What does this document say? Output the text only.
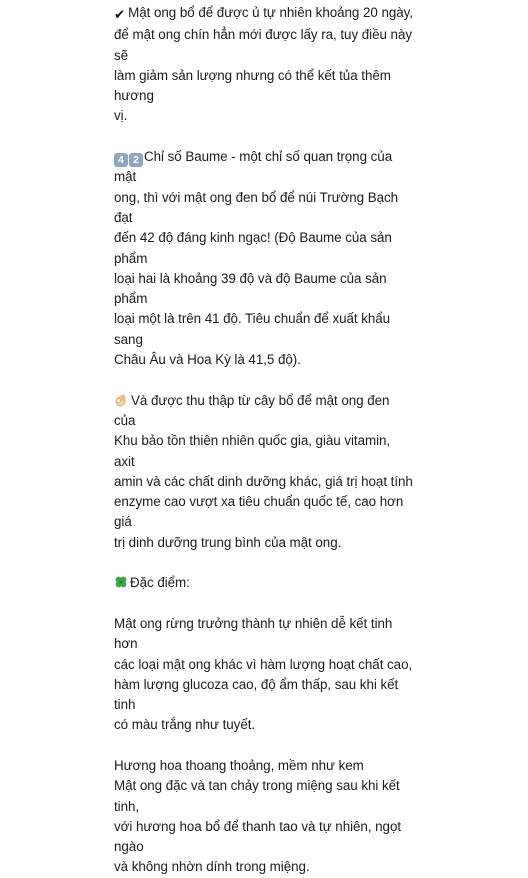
✔ Mật ong bổ để được ủ tự nhiên khoảng 20 ngày,
để mật ong chín hẳn mới được lấy ra, tuy điều này sẽ
làm giảm sản lượng nhưng có thể kết tủa thêm hương
vị.

4 2 Chỉ số Baume - một chỉ số quan trọng của mật
ong, thì với mật ong đen bổ để núi Trường Bạch đạt
đến 42 độ đáng kinh ngạc! (Độ Baume của sản phẩm
loại hai là khoảng 39 độ và độ Baume của sản phẩm
loại một là trên 41 độ. Tiêu chuẩn để xuất khẩu sang
Châu Âu và Hoa Kỳ là 41,5 độ).

Và được thu thập từ cây bổ để mật ong đen của
Khu bảo tồn thiên nhiên quốc gia, giàu vitamin, axit
amin và các chất dinh dưỡng khác, giá trị hoạt tính
enzyme cao vượt xa tiêu chuẩn quốc tế, cao hơn giá
trị dinh dưỡng trung bình của mật ong.

Đặc điểm:

Mật ong rừng trưởng thành tự nhiên dễ kết tinh hơn
các loại mật ong khác vì hàm lượng hoạt chất cao,
hàm lượng glucoza cao, độ ẩm thấp, sau khi kết tinh
có màu trắng như tuyết.

Hương hoa thoang thoảng, mềm như kem
Mật ong đặc và tan chảy trong miệng sau khi kết tinh,
với hương hoa bổ để thanh tao và tự nhiên, ngọt ngào
và không nhờn dính trong miệng.
